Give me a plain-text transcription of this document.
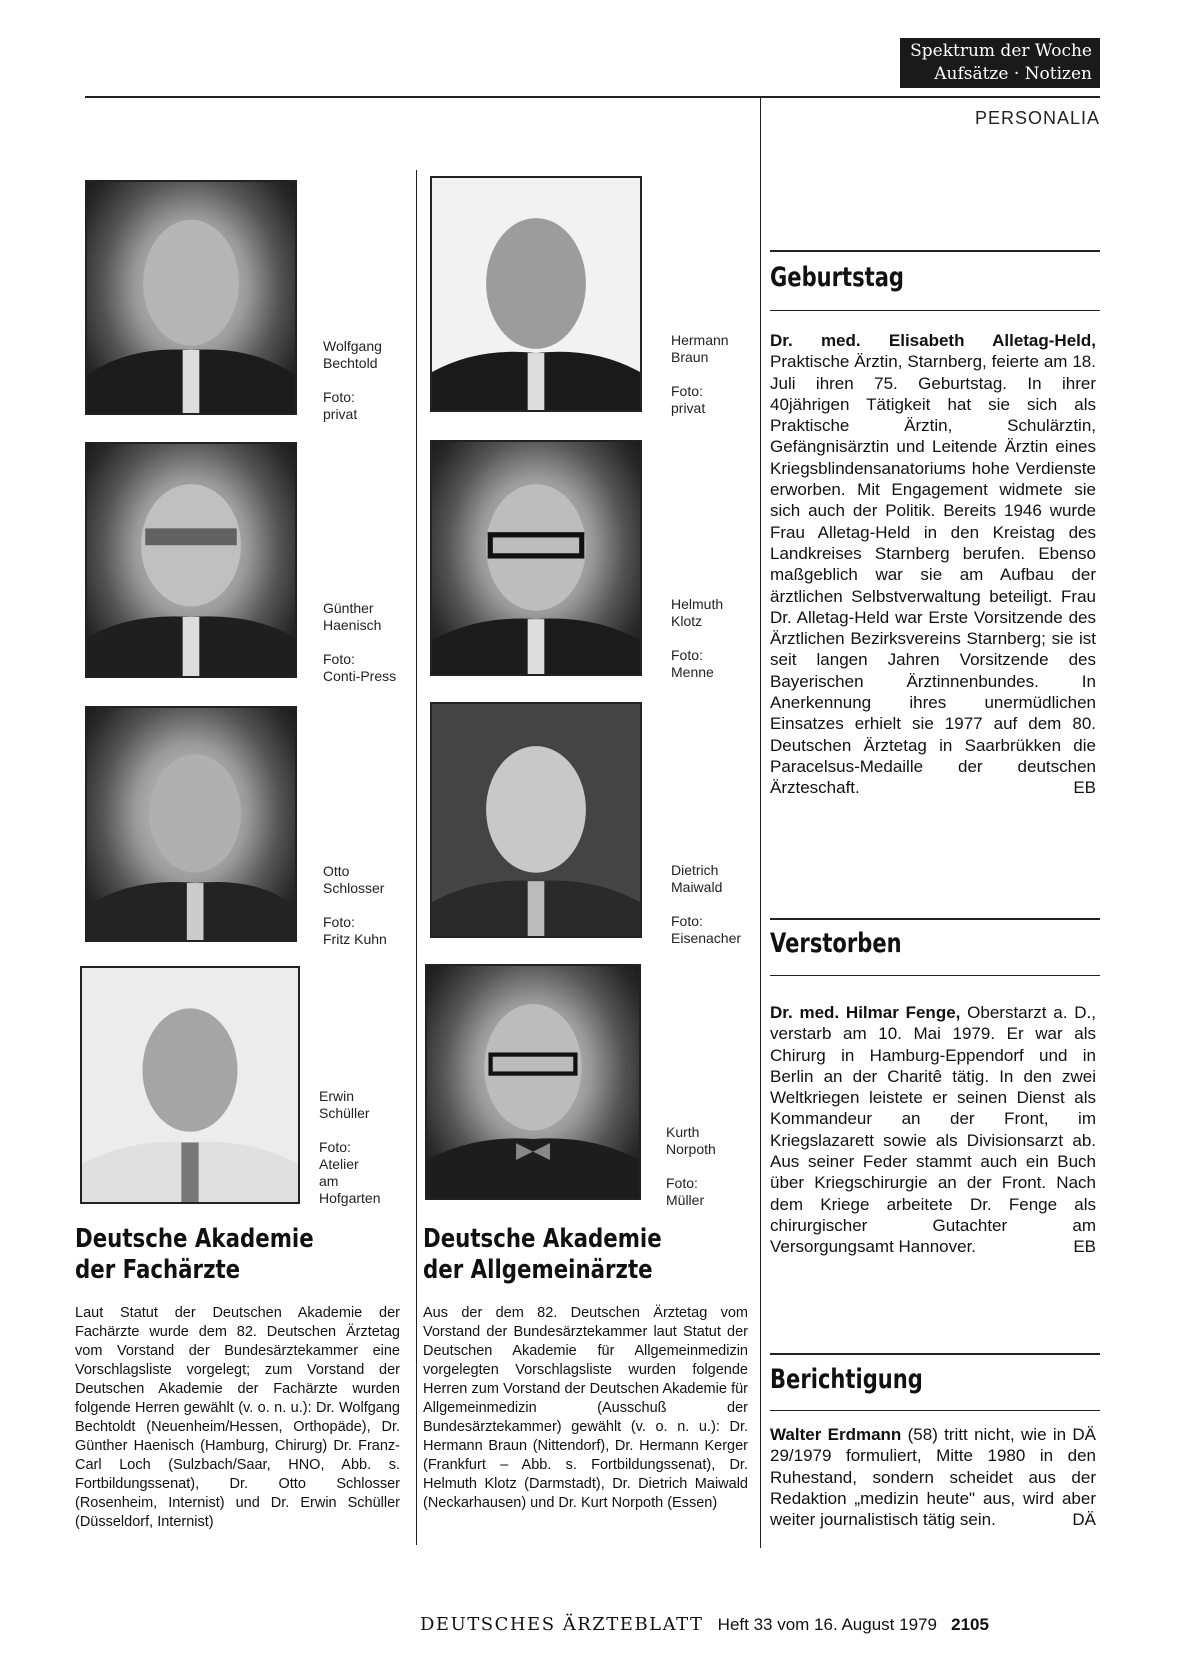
Spektrum der Woche
Aufsätze · Notizen
PERSONALIA
Wolfgang
Bechtold
Foto:
privat
Günther
Haenisch
Foto:
Conti-Press
Otto
Schlosser
Foto:
Fritz Kuhn
Erwin
Schüller
Foto:
Atelier
am
Hofgarten
Hermann
Braun
Foto:
privat
Helmuth
Klotz
Foto:
Menne
Dietrich
Maiwald
Foto:
Eisenacher
Kurth
Norpoth
Foto:
Müller
Deutsche Akademie
der Fachärzte
Laut Statut der Deutschen Akademie der Fachärzte wurde dem 82. Deutschen Ärztetag vom Vorstand der Bundesärztekammer eine Vorschlagsliste vorgelegt; zum Vorstand der Deutschen Akademie der Fachärzte wurden folgende Herren gewählt (v. o. n. u.): Dr. Wolfgang Bechtoldt (Neuenheim/Hessen, Orthopäde), Dr. Günther Haenisch (Hamburg, Chirurg) Dr. Franz-Carl Loch (Sulzbach/Saar, HNO, Abb. s. Fortbildungssenat), Dr. Otto Schlosser (Rosenheim, Internist) und Dr. Erwin Schüller (Düsseldorf, Internist)
Deutsche Akademie
der Allgemeinärzte
Aus der dem 82. Deutschen Ärztetag vom Vorstand der Bundesärztekammer laut Statut der Deutschen Akademie für Allgemeinmedizin vorgelegten Vorschlagsliste wurden folgende Herren zum Vorstand der Deutschen Akademie für Allgemeinmedizin (Ausschuß der Bundesärztekammer) gewählt (v. o. n. u.): Dr. Hermann Braun (Nittendorf), Dr. Hermann Kerger (Frankfurt – Abb. s. Fortbildungssenat), Dr. Helmuth Klotz (Darmstadt), Dr. Dietrich Maiwald (Neckarhausen) und Dr. Kurt Norpoth (Essen)
Geburtstag
Dr. med. Elisabeth Alletag-Held, Praktische Ärztin, Starnberg, feierte am 18. Juli ihren 75. Geburtstag. In ihrer 40jährigen Tätigkeit hat sie sich als Praktische Ärztin, Schulärztin, Gefängnisärztin und Leitende Ärztin eines Kriegsblindensanatoriums hohe Verdienste erworben. Mit Engagement widmete sie sich auch der Politik. Bereits 1946 wurde Frau Alletag-Held in den Kreistag des Landkreises Starnberg berufen. Ebenso maßgeblich war sie am Aufbau der ärztlichen Selbstverwaltung beteiligt. Frau Dr. Alletag-Held war Erste Vorsitzende des Ärztlichen Bezirksvereins Starnberg; sie ist seit langen Jahren Vorsitzende des Bayerischen Ärztinnenbundes. In Anerkennung ihres unermüdlichen Einsatzes erhielt sie 1977 auf dem 80. Deutschen Ärztetag in Saarbrükken die Paracelsus-Medaille der deutschen Ärzteschaft.	EB
Verstorben
Dr. med. Hilmar Fenge, Oberstarzt a. D., verstarb am 10. Mai 1979. Er war als Chirurg in Hamburg-Eppendorf und in Berlin an der Charitê tätig. In den zwei Weltkriegen leistete er seinen Dienst als Kommandeur an der Front, im Kriegslazarett sowie als Divisionsarzt ab. Aus seiner Feder stammt auch ein Buch über Kriegschirurgie an der Front. Nach dem Kriege arbeitete Dr. Fenge als chirurgischer Gutachter am Versorgungsamt Hannover.	EB
Berichtigung
Walter Erdmann (58) tritt nicht, wie in DÄ 29/1979 formuliert, Mitte 1980 in den Ruhestand, sondern scheidet aus der Redaktion „medizin heute" aus, wird aber weiter journalistisch tätig sein.	DÄ
DEUTSCHES ÄRZTEBLATT Heft 33 vom 16. August 1979 2105
